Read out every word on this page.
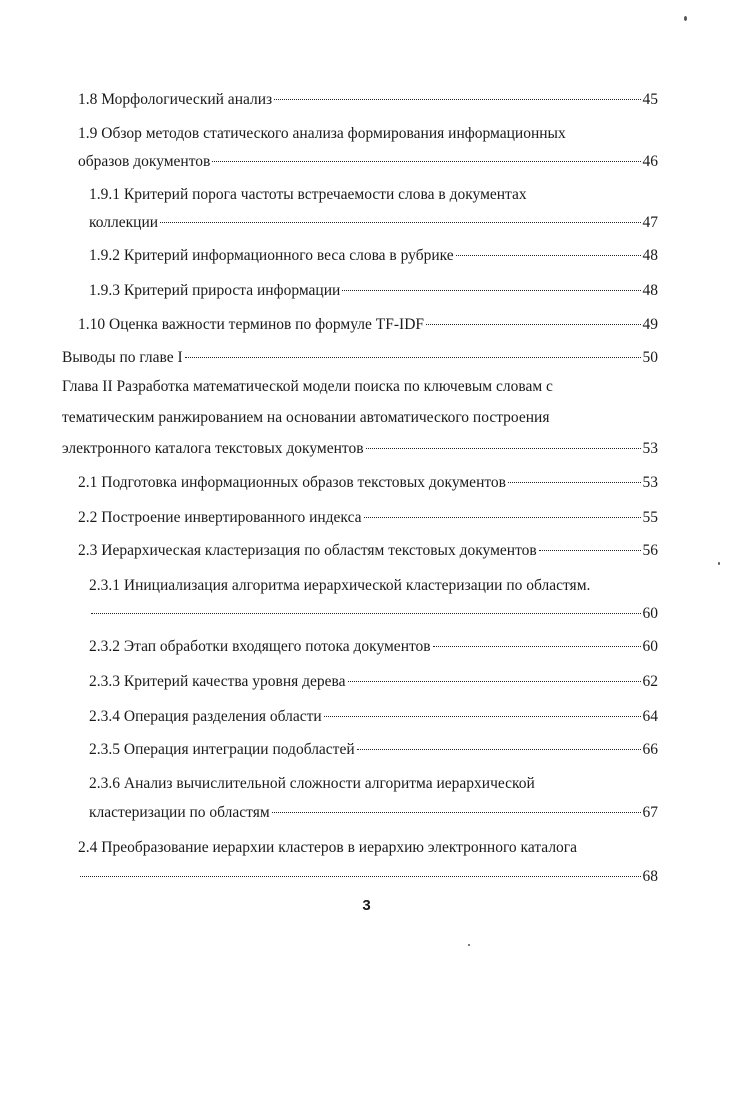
1.8 Морфологический анализ	45
1.9 Обзор методов статического анализа формирования информационных
образов документов	46
1.9.1 Критерий порога частоты встречаемости слова в документах
коллекции	47
1.9.2 Критерий информационного веса слова в рубрике	48
1.9.3 Критерий прироста информации	48
1.10 Оценка важности терминов по формуле TF-IDF	49
Выводы по главе I	50
Глава II Разработка математической модели поиска по ключевым словам с
тематическим ранжированием на основании автоматического построения
электронного каталога текстовых документов	53
2.1 Подготовка информационных образов текстовых документов	53
2.2 Построение инвертированного индекса	55
2.3 Иерархическая кластеризация по областям текстовых документов	56
2.3.1 Инициализация алгоритма иерархической кластеризации по областям.
60
2.3.2 Этап обработки входящего потока документов	60
2.3.3 Критерий качества уровня дерева	62
2.3.4 Операция разделения области	64
2.3.5 Операция интеграции подобластей	66
2.3.6 Анализ вычислительной сложности алгоритма иерархической
кластеризации по областям	67
2.4 Преобразование иерархии кластеров в иерархию электронного каталога
68
3
